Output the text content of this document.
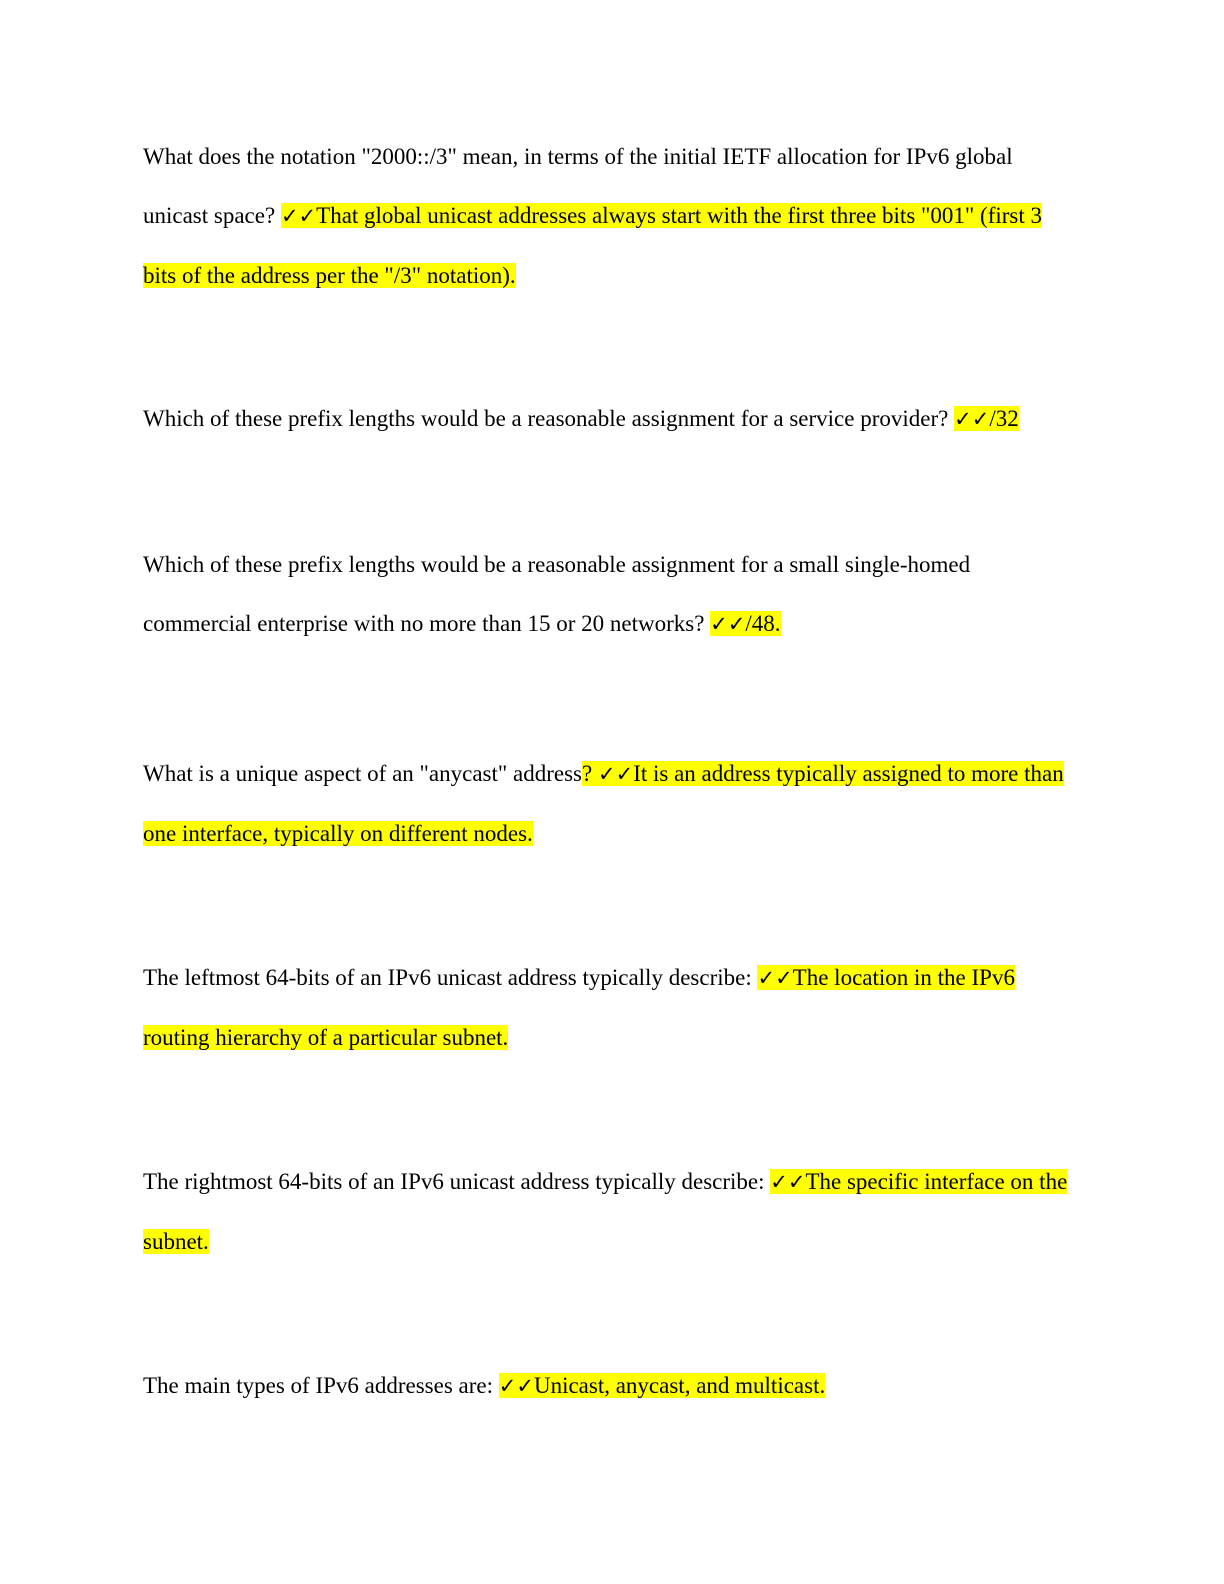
What does the notation "2000::/3" mean, in terms of the initial IETF allocation for IPv6 global unicast space? ✓✓That global unicast addresses always start with the first three bits "001" (first 3 bits of the address per the "/3" notation).
Which of these prefix lengths would be a reasonable assignment for a service provider? ✓✓/32
Which of these prefix lengths would be a reasonable assignment for a small single-homed commercial enterprise with no more than 15 or 20 networks? ✓✓/48.
What is a unique aspect of an "anycast" address? ✓✓It is an address typically assigned to more than one interface, typically on different nodes.
The leftmost 64-bits of an IPv6 unicast address typically describe: ✓✓The location in the IPv6 routing hierarchy of a particular subnet.
The rightmost 64-bits of an IPv6 unicast address typically describe: ✓✓The specific interface on the subnet.
The main types of IPv6 addresses are: ✓✓Unicast, anycast, and multicast.
